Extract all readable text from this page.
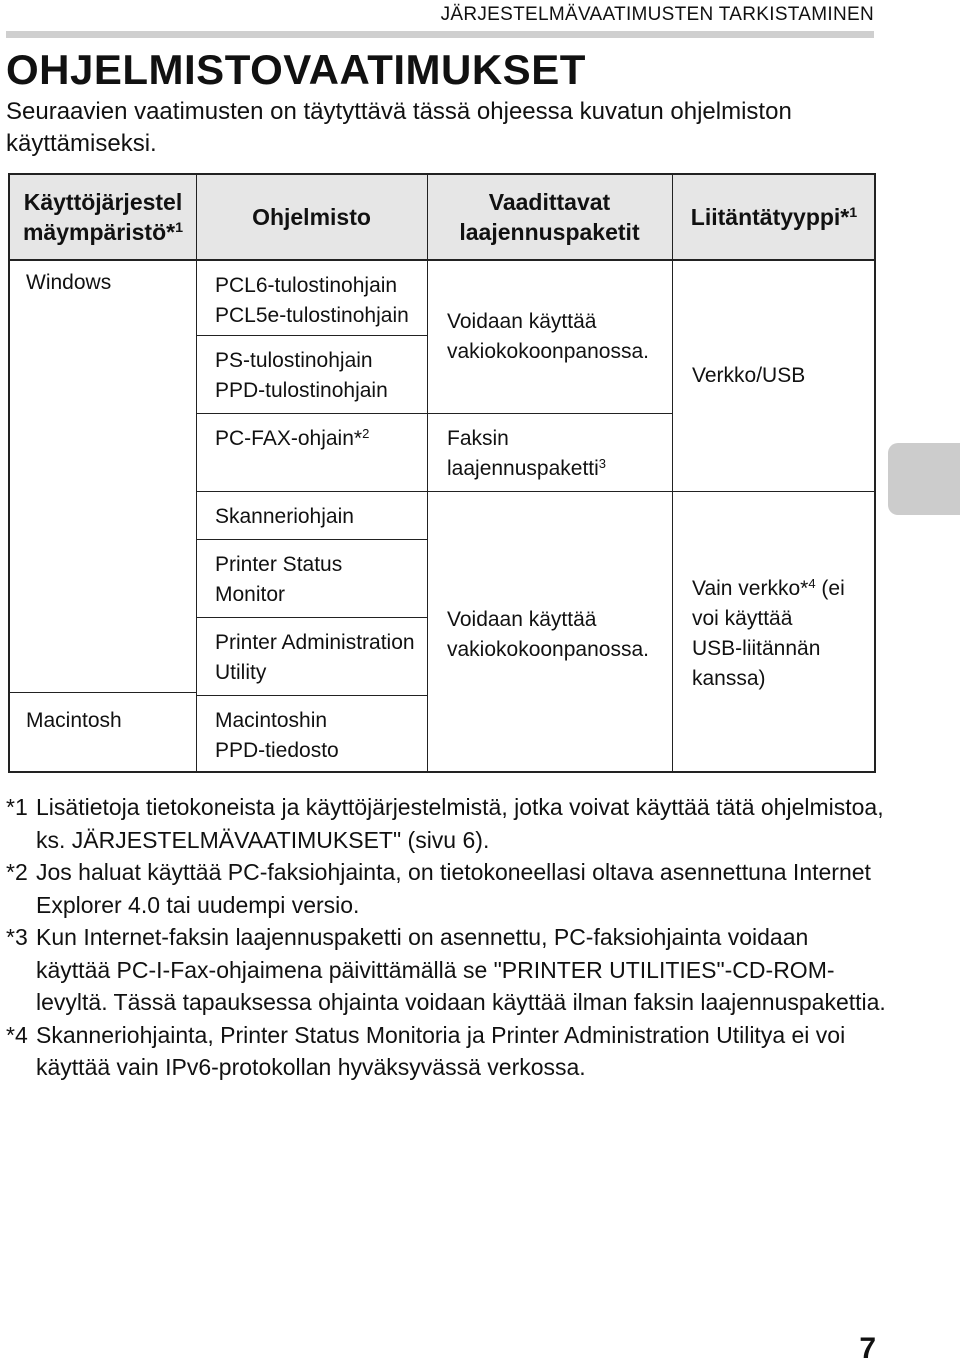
JÄRJESTELMÄVAATIMUSTEN TARKISTAMINEN
OHJELMISTOVAATIMUKSET
Seuraavien vaatimusten on täytyttävä tässä ohjeessa kuvatun ohjelmiston käyttämiseksi.
Käyttöjärjestel
mäympäristö*$^1$	Ohjelmisto
Vaadittavat
laajennuspaketit
Liitäntätyyppi*$^1$
Windows
Macintosh
PCL6-tulostinohjain
PCL5e-tulostinohjain
PS-tulostinohjain
PPD-tulostinohjain
PC-FAX-ohjain*$^2$
Skanneriohjain
Printer Status
Monitor
Printer Administration
Utility
Macintoshin
PPD-tiedosto
Voidaan käyttää
vakiokokoonpanossa.
Faksin
laajennuspaketti$^3$
Voidaan käyttää
vakiokokoonpanossa.
Verkko/USB
Vain verkko*$^4$ (ei
voi käyttää
USB-liitännän
kanssa)
*1 Lisätietoja tietokoneista ja käyttöjärjestelmistä, jotka voivat käyttää tätä ohjelmistoa, ks. JÄRJESTELMÄVAATIMUKSET" (sivu 6).
*2 Jos haluat käyttää PC-faksiohjainta, on tietokoneellasi oltava asennettuna Internet Explorer 4.0 tai uudempi versio.
*3 Kun Internet-faksin laajennuspaketti on asennettu, PC-faksiohjainta voidaan käyttää PC-I-Fax-ohjaimena päivittämällä se "PRINTER UTILITIES"-CD-ROM-levyltä. Tässä tapauksessa ohjainta voidaan käyttää ilman faksin laajennuspakettia.
*4 Skanneriohjainta, Printer Status Monitoria ja Printer Administration Utilitya ei voi käyttää vain IPv6-protokollan hyväksyvässä verkossa.
7
